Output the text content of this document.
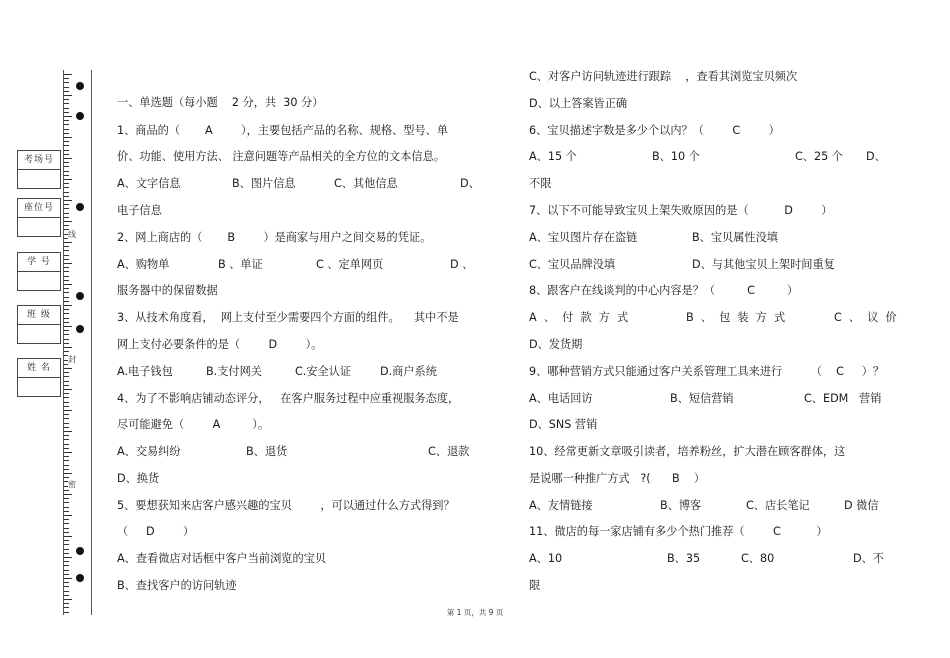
线
封
密
考场号
座位号
学 号
班 级
姓 名
一、单选题（每小题    2 分，共  30 分）
1、商品的（       A        ），主要包括产品的名称、规格、型号、单
价、功能、使用方法、 注意问题等产品相关的全方位的文本信息。
A、文字信息	B、图片信息	C、其他信息	D、
电子信息
2、网上商店的（       B        ）是商家与用户之间交易的凭证。
A、购物单	B 、单证	C 、定单网页	D 、
服务器中的保留数据
3、从技术角度看，  网上支付至少需要四个方面的组件。    其中不是
网上支付必要条件的是（        D        ）。
A.电子钱包	B.支付网关	C.安全认证	D.商户系统
4、为了不影响店铺动态评分，   在客户服务过程中应重视服务态度，
尽可能避免（        A         ）。
A、交易纠纷	B、退货	C、退款
D、换货
5、要想获知来店客户感兴趣的宝贝        ，可以通过什么方式得到？
（     D        ）
A、查看微店对话框中客户当前浏览的宝贝
B、查找客户的访问轨迹
C、对客户访问轨迹进行跟踪    ，查看其浏览宝贝频次
D、以上答案皆正确
6、宝贝描述字数是多少个以内？（        C        ）
A、15 个	B、10 个	C、25 个 D、
不限
7、以下不可能导致宝贝上架失败原因的是（          D        ）
A、宝贝图片存在盗链	B、宝贝属性没填
C、宝贝品牌没填	D、与其他宝贝上架时间重复
8、跟客户在线谈判的中心内容是？（         C         ）
A  、  付  款  方  式	B  、  包  装  方  式	C  、  议  价
D、发货期
9、哪种营销方式只能通过客户关系管理工具来进行        （    C     ）？
A、电话回访	B、短信营销	C、EDM   营销
D、SNS 营销
10、经常更新文章吸引读者，培养粉丝，扩大潜在顾客群体，这
是说哪一种推广方式   ?(      B    ）
A、友情链接	B、博客	C、店长笔记	D 微信
11、微店的每一家店铺有多少个热门推荐（        C          ）
A、10	B、35	C、80	D、不
限
第 1 页，共 9 页
